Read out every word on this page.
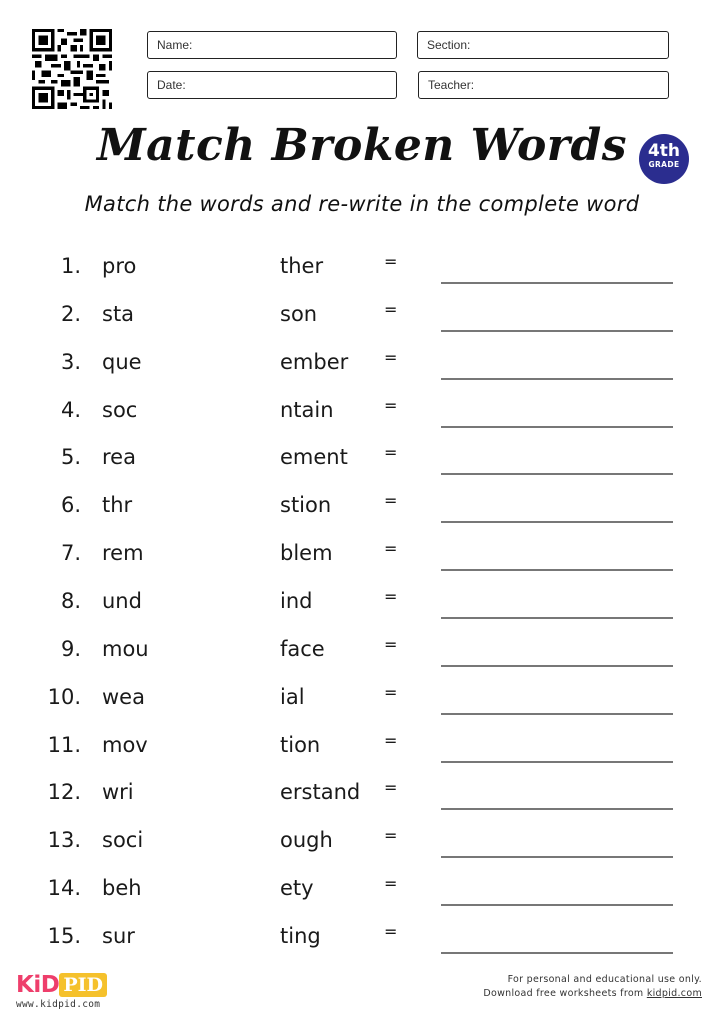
Name:	Section:
Date:	Teacher:
Match Broken Words	4th
GRADE
Match the words and re-write in the complete word
1. pro	ther	=
2. sta	son	=
3. que	ember =
4. soc	ntain	=
5. rea	ement =
6. thr	stion	=
7. rem	blem	=
8. und	ind	=
9. mou	face	=
10. wea	ial	=
11. mov	tion	=
12. wri	erstand =
13. soci	ough	=
14. beh	ety	=
15. sur	ting	=
KiD PID
www.kidpid.com
For personal and educational use only.
Download free worksheets from kidpid.com
